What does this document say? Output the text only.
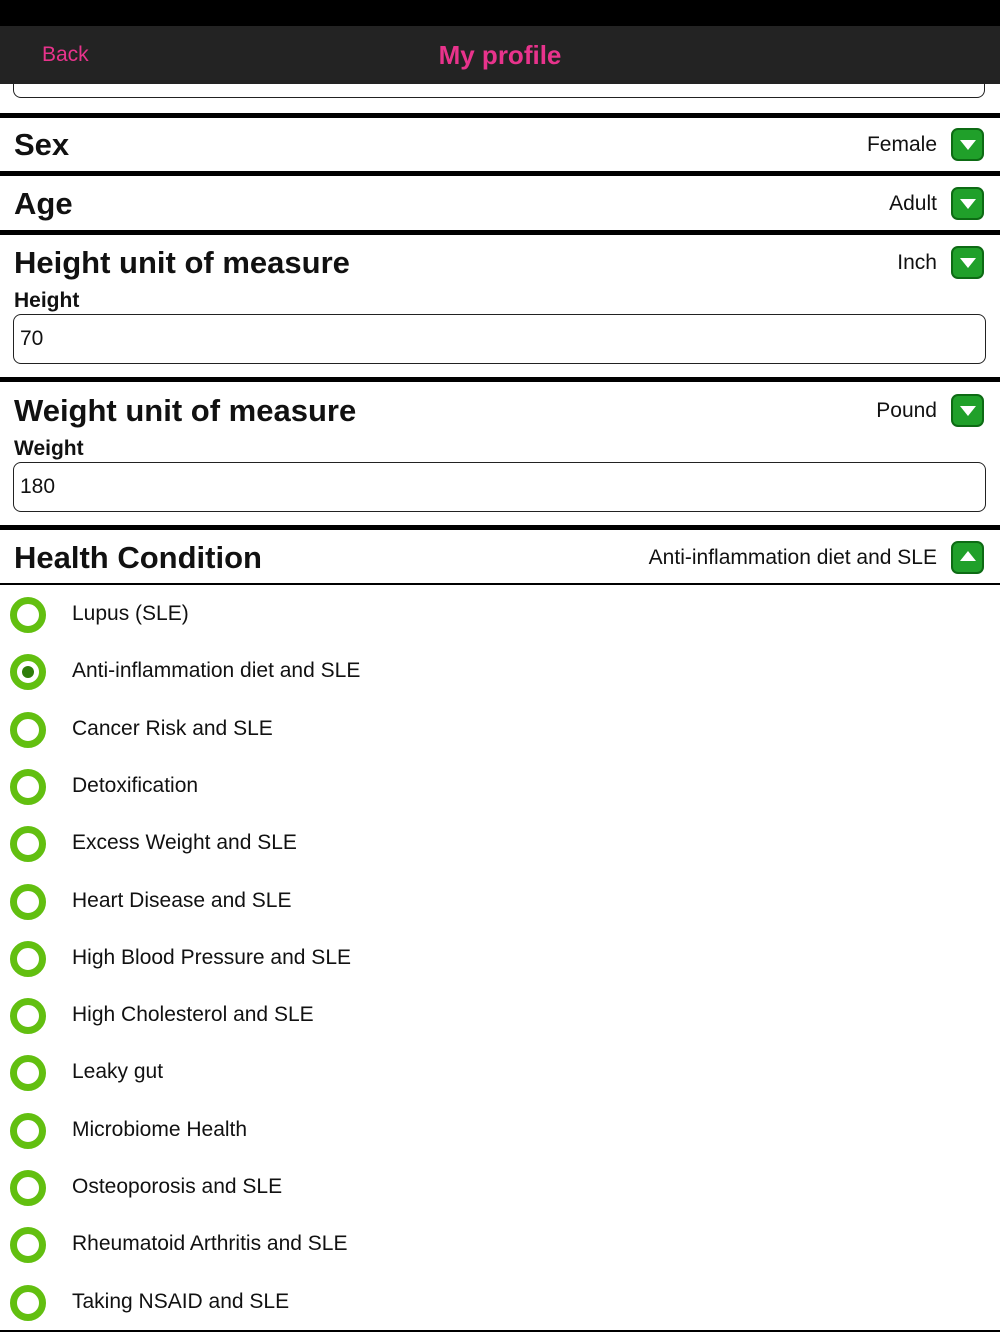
Back	My profile
Sex	Female
Age	Adult
Height unit of measure	Inch
Height
70
Weight unit of measure	Pound
Weight
180
Health Condition	Anti-inflammation diet and SLE
Lupus (SLE)
Anti-inflammation diet and SLE
Cancer Risk and SLE
Detoxification
Excess Weight and SLE
Heart Disease and SLE
High Blood Pressure and SLE
High Cholesterol and SLE
Leaky gut
Microbiome Health
Osteoporosis and SLE
Rheumatoid Arthritis and SLE
Taking NSAID and SLE
